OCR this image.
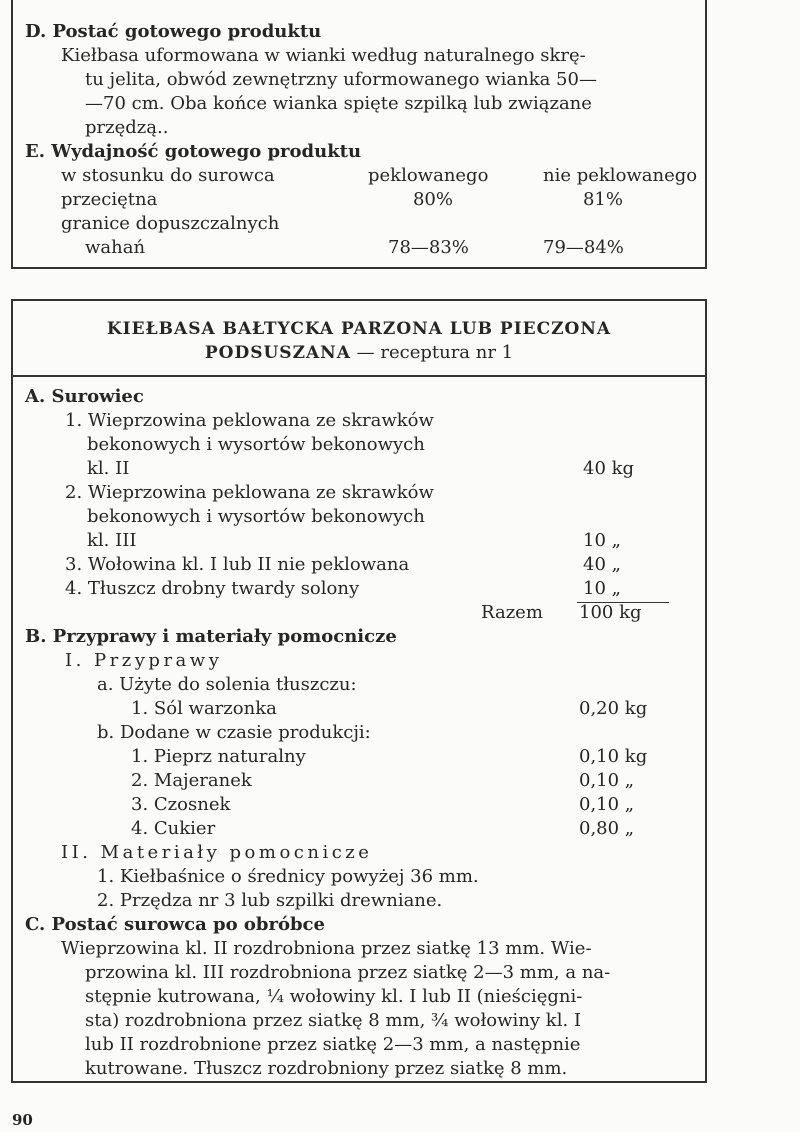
D. Postać gotowego produktu
Kiełbasa uformowana w wianki według naturalnego skrę-
tu jelita, obwód zewnętrzny uformowanego wianka 50—
—70 cm. Oba końce wianka spięte szpilką lub związane
przędzą..
E. Wydajność gotowego produktu
w stosunku do surowca	peklowanego	nie peklowanego
przeciętna	80%	81%
granice dopuszczalnych
wahań	78—83%	79—84%
KIEŁBASA BAŁTYCKA PARZONA LUB PIECZONA
PODSUSZANA — receptura nr 1
A. Surowiec
1. Wieprzowina peklowana ze skrawków
bekonowych i wysortów bekonowych
kl. II	40 kg
2. Wieprzowina peklowana ze skrawków
bekonowych i wysortów bekonowych
kl. III	10 „
3. Wołowina kl. I lub II nie peklowana	40 „
4. Tłuszcz drobny twardy solony	10 „
Razem 100 kg
B. Przyprawy i materiały pomocnicze
I. Przyprawy
a. Użyte do solenia tłuszczu:
1. Sól warzonka	0,20 kg
b. Dodane w czasie produkcji:
1. Pieprz naturalny	0,10 kg
2. Majeranek	0,10 „
3. Czosnek	0,10 „
4. Cukier	0,80 „
II. Materiały pomocnicze
1. Kiełbaśnice o średnicy powyżej 36 mm.
2. Przędza nr 3 lub szpilki drewniane.
C. Postać surowca po obróbce
Wieprzowina kl. II rozdrobniona przez siatkę 13 mm. Wie-
przowina kl. III rozdrobniona przez siatkę 2—3 mm, a na-
stępnie kutrowana, ¼ wołowiny kl. I lub II (nieścięgni-
sta) rozdrobniona przez siatkę 8 mm, ¾ wołowiny kl. I
lub II rozdrobnione przez siatkę 2—3 mm, a następnie
kutrowane. Tłuszcz rozdrobniony przez siatkę 8 mm.
90
